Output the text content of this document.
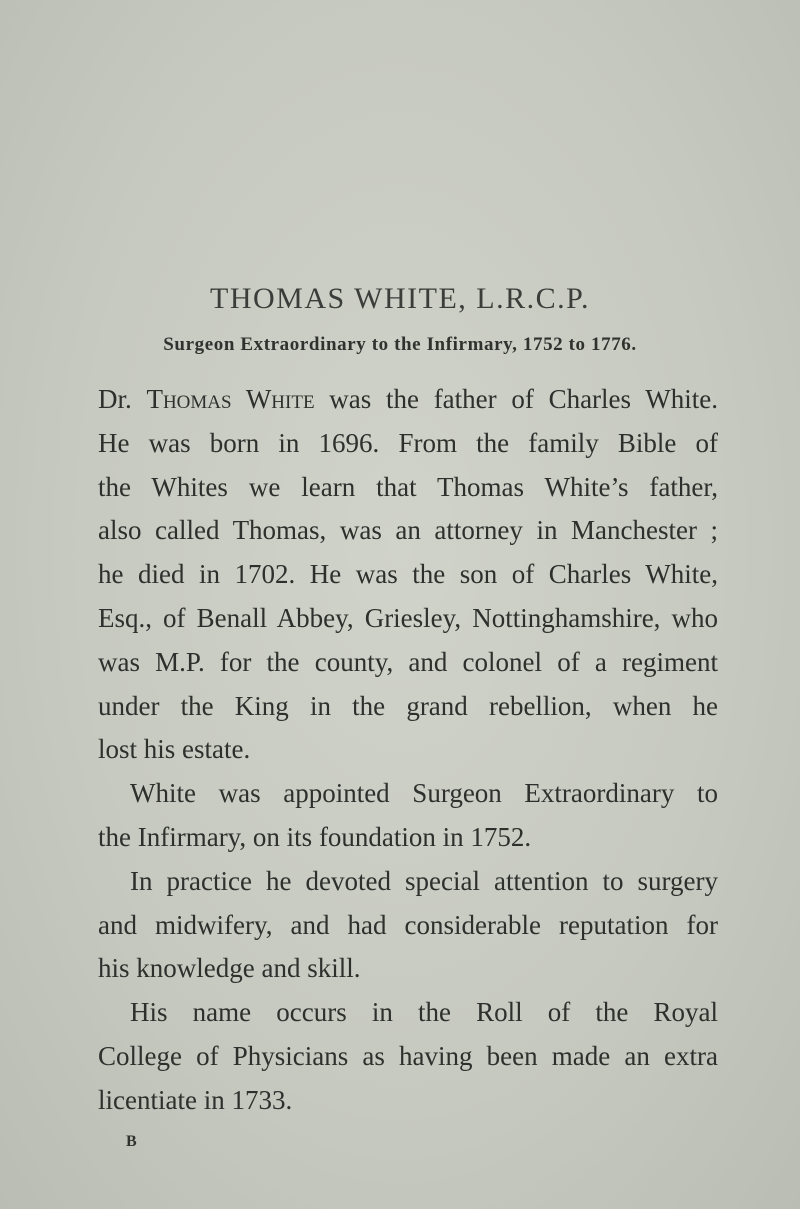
​
THOMAS WHITE, L.R.C.P.
Surgeon Extraordinary to the Infirmary, 1752 to 1776.
B
Dr. Thomas White was the father of Charles White.
He was born in 1696. From the family Bible of
the Whites we learn that Thomas White’s father,
also called Thomas, was an attorney in Manchester ;
he died in 1702. He was the son of Charles White,
Esq., of Benall Abbey, Griesley, Nottinghamshire, who
was M.P. for the county, and colonel of a regiment
under the King in the grand rebellion, when he
lost his estate.
White was appointed Surgeon Extraordinary to
the Infirmary, on its foundation in 1752.
In practice he devoted special attention to surgery
and midwifery, and had considerable reputation for
his knowledge and skill.
His name occurs in the Roll of the Royal
College of Physicians as having been made an extra
licentiate in 1733.
